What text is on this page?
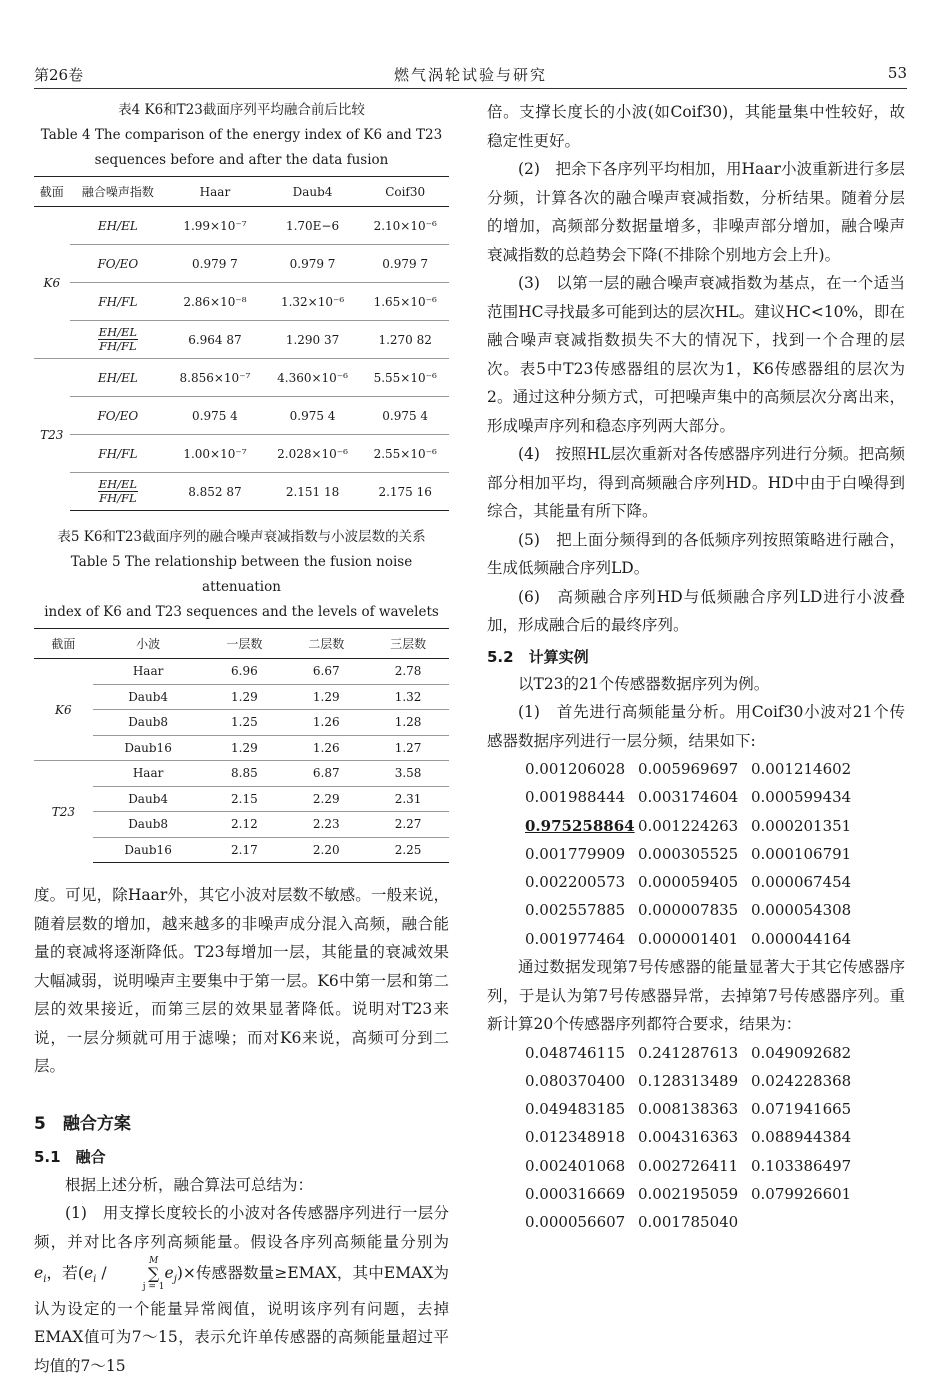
第26卷	燃气涡轮试验与研究	53

表4 K6和T23截面序列平均融合前后比较

Table 4 The comparison of the energy index of K6 and T23

sequences before and after the data fusion

截面	融合噪声指数	Haar	Daub4	Coif30
K6	EH/EL	1.99×10⁻⁷	1.70E−6	2.10×10⁻⁶
	FO/EO	0.979 7	0.979 7	0.979 7
	FH/FL	2.86×10⁻⁸	1.32×10⁻⁶	1.65×10⁻⁶

	$\frac{EH/EL}{FH/FL}$	6.964 87	1.290 37	1.270 82
T23	EH/EL	8.856×10⁻⁷	4.360×10⁻⁶	5.55×10⁻⁶
	FO/EO	0.975 4	0.975 4	0.975 4
	FH/FL	1.00×10⁻⁷	2.028×10⁻⁶	2.55×10⁻⁶

	$\frac{EH/EL}{FH/FL}$	8.852 87	2.151 18	2.175 16

表5 K6和T23截面序列的融合噪声衰减指数与小波层数的关系

Table 5 The relationship between the fusion noise attenuation

index of K6 and T23 sequences and the levels of wavelets

截面	小波	一层数	二层数	三层数
K6	Haar	6.96	6.67	2.78
	Daub4	1.29	1.29	1.32
	Daub8	1.25	1.26	1.28
	Daub16	1.29	1.26	1.27
T23	Haar	8.85	6.87	3.58
	Daub4	2.15	2.29	2.31
	Daub8	2.12	2.23	2.27
	Daub16	2.17	2.20	2.25

度。可见，除Haar外，其它小波对层数不敏感。一般来说，随着层数的增加，越来越多的非噪声成分混入高频，融合能量的衰减将逐渐降低。T23每增加一层，其能量的衰减效果大幅减弱，说明噪声主要集中于第一层。K6中第一层和第二层的效果接近，而第三层的效果显著降低。说明对T23来说，一层分频就可用于滤噪；而对K6来说，高频可分到二层。

5　融合方案
5.1　融合

根据上述分析，融合算法可总结为：

(1)　用支撑长度较长的小波对各传感器序列进行一层分频，并对比各序列高频能量。假设各序列高频能量分别为$e_i$，若($e_i$ /
M
∑
j = 1
$e_j)\times$传感器数量≥EMAX，其中EMAX为认为设定的一个能量异常阀值，说明该序列有问题，去掉EMAX值可为7～15，表示允许单传感器的高频能量超过平均值的7～15

倍。支撑长度长的小波(如Coif30)，其能量集中性较好，故稳定性更好。

(2)　把余下各序列平均相加，用Haar小波重新进行多层分频，计算各次的融合噪声衰减指数，分析结果。随着分层的增加，高频部分数据量增多，非噪声部分增加，融合噪声衰减指数的总趋势会下降(不排除个别地方会上升)。

(3)　以第一层的融合噪声衰减指数为基点，在一个适当范围HC寻找最多可能到达的层次HL。建议HC<10%，即在融合噪声衰减指数损失不大的情况下，找到一个合理的层次。表5中T23传感器组的层次为1，K6传感器组的层次为2。通过这种分频方式，可把噪声集中的高频层次分离出来，形成噪声序列和稳态序列两大部分。

(4)　按照HL层次重新对各传感器序列进行分频。把高频部分相加平均，得到高频融合序列HD。HD中由于白噪得到综合，其能量有所下降。

(5)　把上面分频得到的各低频序列按照策略进行融合，生成低频融合序列LD。

(6)　高频融合序列HD与低频融合序列LD进行小波叠加，形成融合后的最终序列。

5.2　计算实例

以T23的21个传感器数据序列为例。

(1)　首先进行高频能量分析。用Coif30小波对21个传感器数据序列进行一层分频，结果如下:

0.001206028 0.005969697 0.001214602
0.001988444 0.003174604 0.000599434
0.975258864 0.001224263 0.000201351
0.001779909 0.000305525 0.000106791
0.002200573 0.000059405 0.000067454
0.002557885 0.000007835 0.000054308
0.001977464 0.000001401 0.000044164

通过数据发现第7号传感器的能量显著大于其它传感器序列，于是认为第7号传感器异常，去掉第7号传感器序列。重新计算20个传感器序列都符合要求，结果为：

0.048746115 0.241287613 0.049092682
0.080370400 0.128313489 0.024228368
0.049483185 0.008138363 0.071941665
0.012348918 0.004316363 0.088944384
0.002401068 0.002726411 0.103386497
0.000316669 0.002195059 0.079926601
0.000056607 0.001785040
